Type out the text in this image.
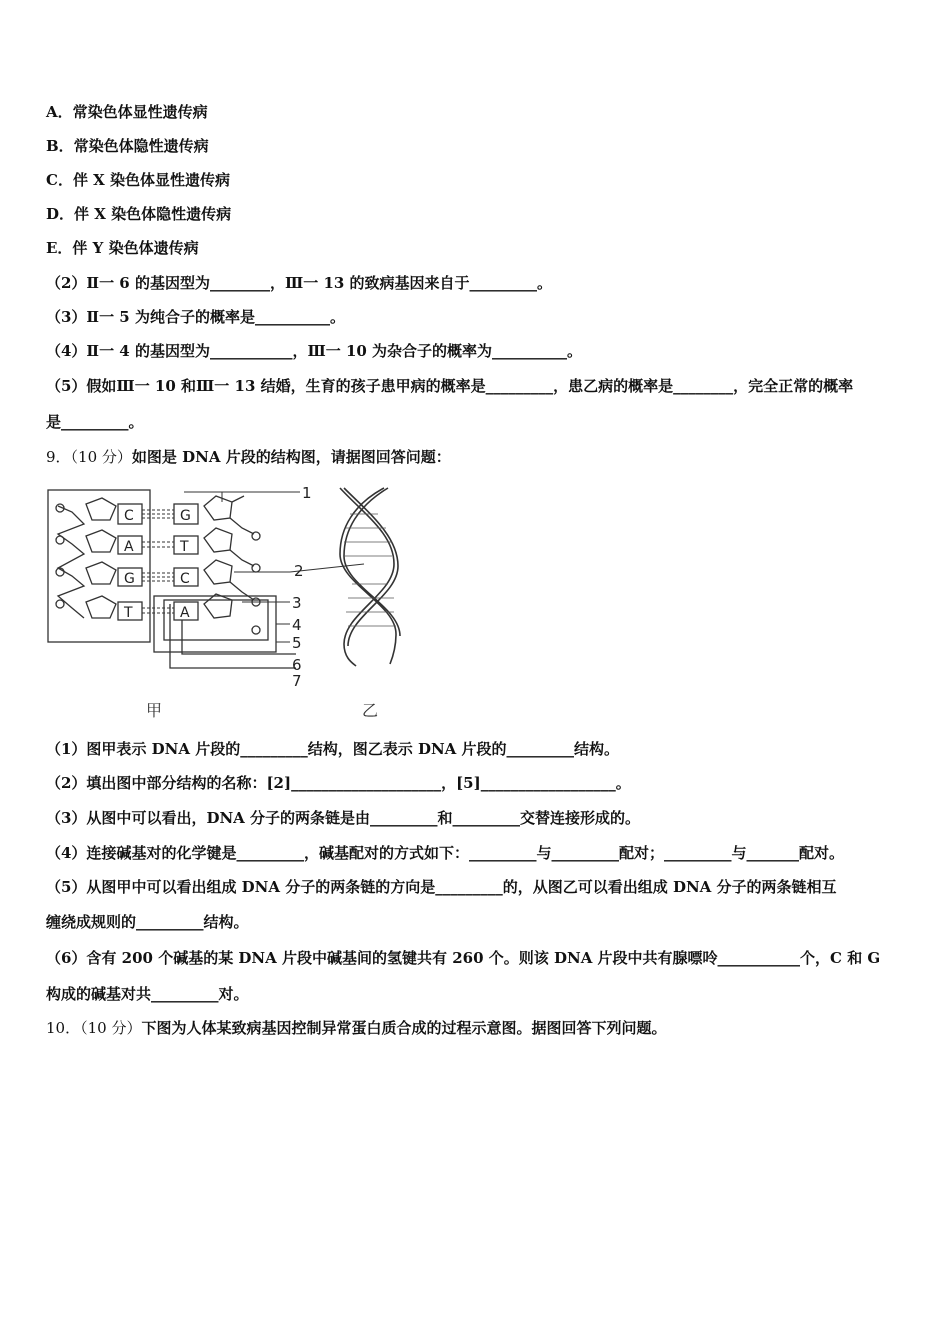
A．常染色体显性遗传病
B．常染色体隐性遗传病
C．伴 X 染色体显性遗传病
D．伴 X 染色体隐性遗传病
E．伴 Y 染色体遗传病
（2）Ⅱ一 6 的基因型为________，Ⅲ一 13 的致病基因来自于_________。
（3）Ⅱ一 5 为纯合子的概率是__________。
（4）Ⅱ一 4 的基因型为___________，Ⅲ一 10 为杂合子的概率为__________。
（5）假如Ⅲ一 10 和Ⅲ一 13 结婚，生育的孩子患甲病的概率是_________，患乙病的概率是________，完全正常的概率
是_________。
9．（10 分）如图是 DNA 片段的结构图，请据图回答问题：
C
A
G
T
G
T
C
A
1
2
3
4
5
6
7
甲	乙
（1）图甲表示 DNA 片段的_________结构，图乙表示 DNA 片段的_________结构。
（2）填出图中部分结构的名称：[2]____________________，[5]__________________。
（3）从图中可以看出，DNA 分子的两条链是由_________和_________交替连接形成的。
（4）连接碱基对的化学键是_________，碱基配对的方式如下：_________与_________配对；_________与_______配对。
（5）从图甲中可以看出组成 DNA 分子的两条链的方向是_________的，从图乙可以看出组成 DNA 分子的两条链相互
缠绕成规则的_________结构。
（6）含有 200 个碱基的某 DNA 片段中碱基间的氢键共有 260 个。则该 DNA 片段中共有腺嘌呤___________个，C 和 G
构成的碱基对共_________对。
10．（10 分）下图为人体某致病基因控制异常蛋白质合成的过程示意图。据图回答下列问题。
